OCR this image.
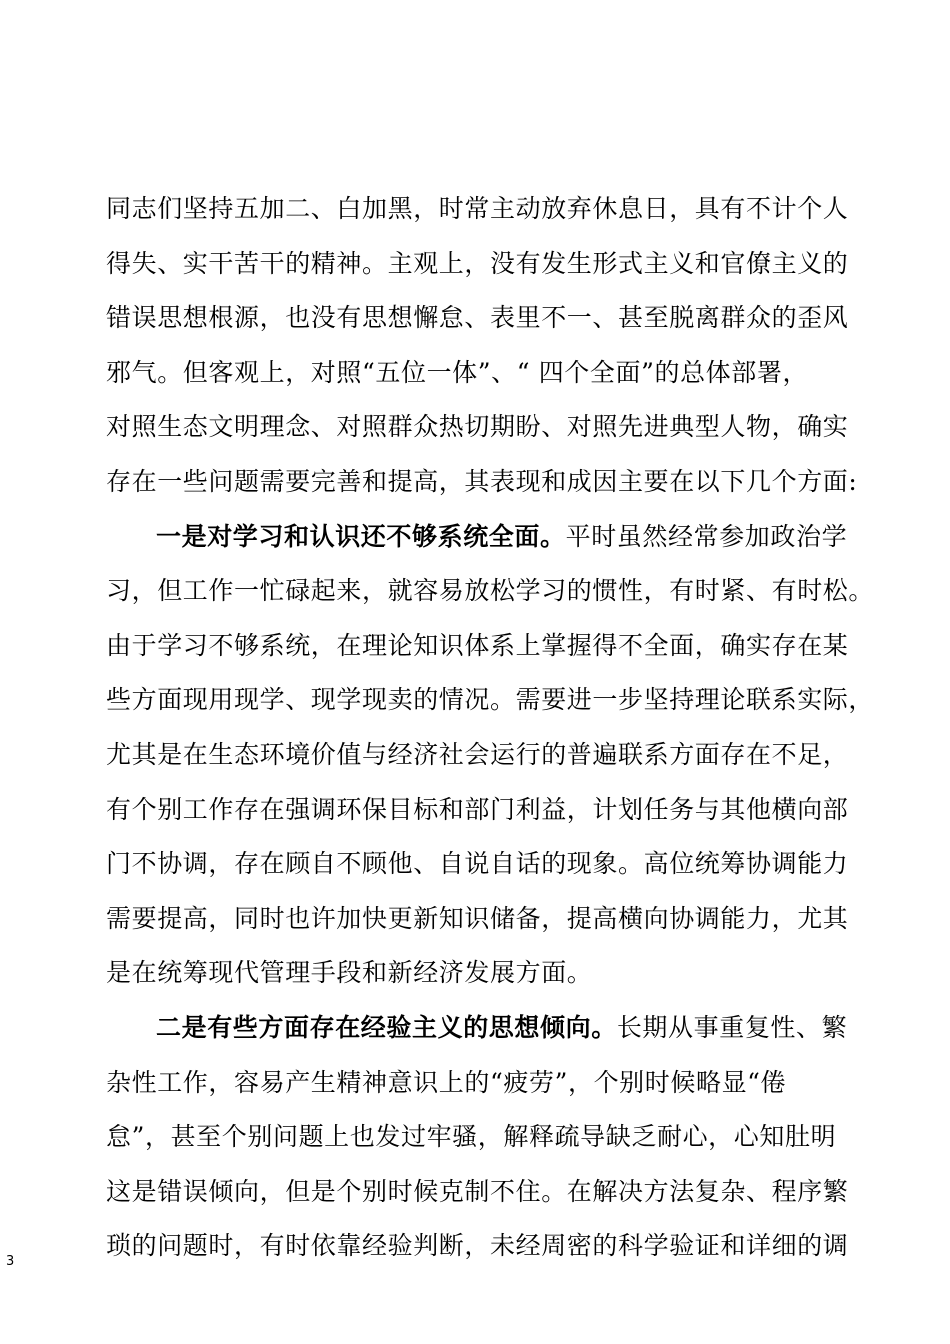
同志们坚持五加二、白加黑，时常主动放弃休息日，具有不计个人
得失、实干苦干的精神。主观上，没有发生形式主义和官僚主义的
错误思想根源，也没有思想懈怠、表里不一、甚至脱离群众的歪风
邪气。但客观上，对照“五位一体”、“ 四个全面”的总体部署，
对照生态文明理念、对照群众热切期盼、对照先进典型人物，确实
存在一些问题需要完善和提高，其表现和成因主要在以下几个方面:
一是对学习和认识还不够系统全面。平时虽然经常参加政治学
习，但工作一忙碌起来，就容易放松学习的惯性，有时紧、有时松。
由于学习不够系统，在理论知识体系上掌握得不全面，确实存在某
些方面现用现学、现学现卖的情况。需要进一步坚持理论联系实际，
尤其是在生态环境价值与经济社会运行的普遍联系方面存在不足，
有个别工作存在强调环保目标和部门利益，计划任务与其他横向部
门不协调，存在顾自不顾他、自说自话的现象。高位统筹协调能力
需要提高，同时也许加快更新知识储备，提高横向协调能力，尤其
是在统筹现代管理手段和新经济发展方面。
二是有些方面存在经验主义的思想倾向。长期从事重复性、繁
杂性工作，容易产生精神意识上的“疲劳”，个别时候略显“倦
怠”，甚至个别问题上也发过牢骚，解释疏导缺乏耐心，心知肚明
这是错误倾向，但是个别时候克制不住。在解决方法复杂、程序繁
琐的问题时，有时依靠经验判断，未经周密的科学验证和详细的调
3
